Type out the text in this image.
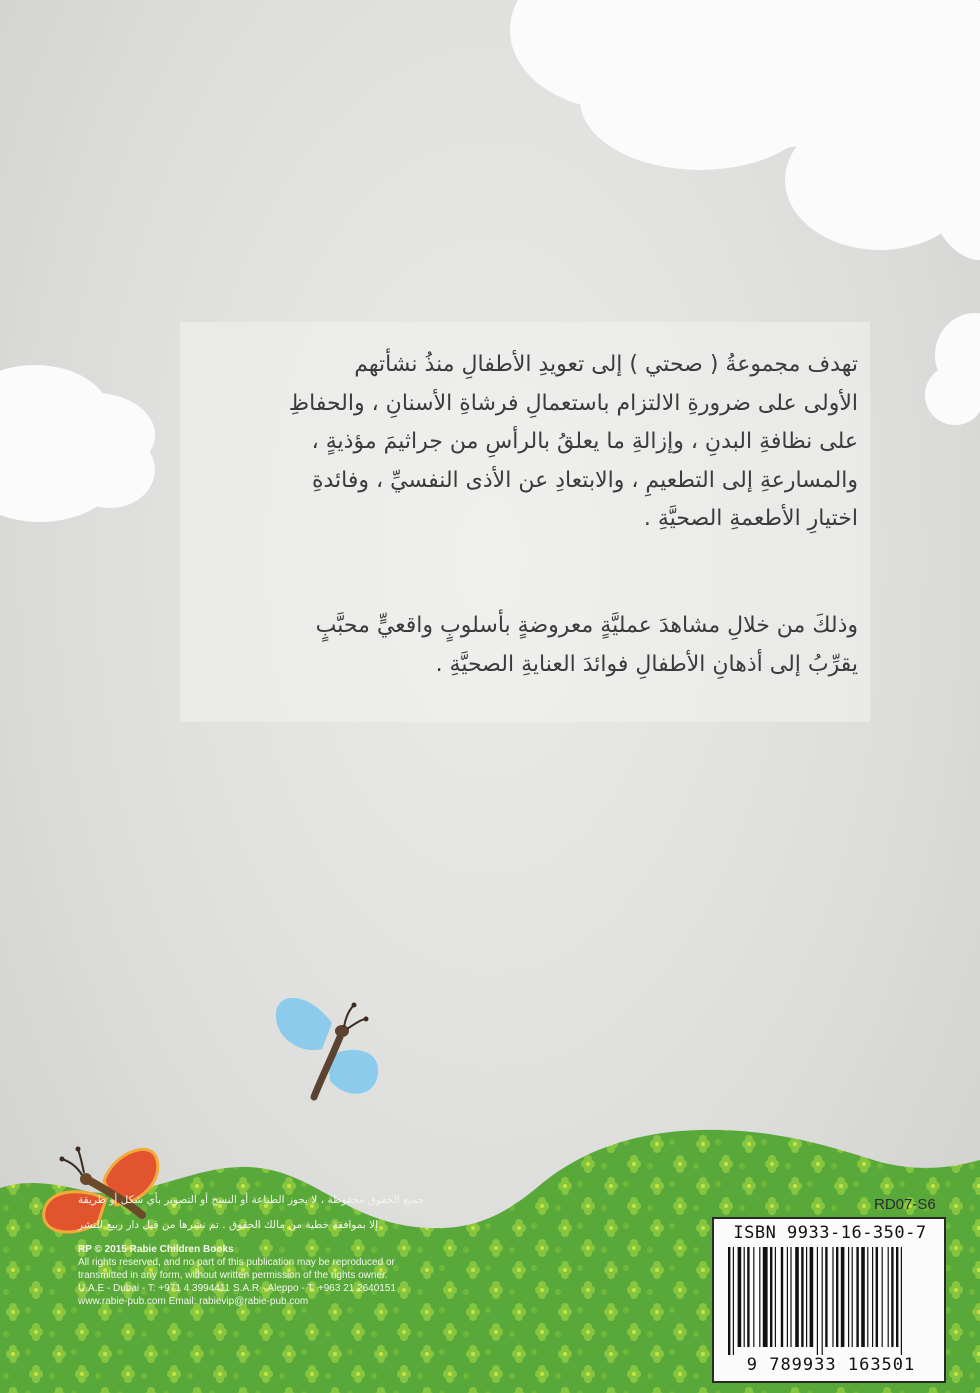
تهدف مجموعةُ ( صحتي ) إلى تعويدِ الأطفالِ منذُ نشأتهم
الأولى على ضرورةِ الالتزام باستعمالِ فرشاةِ الأسنانِ ، والحفاظِ
على نظافةِ البدنِ ، وإزالةِ ما يعلقُ بالرأسِ من جراثيمَ مؤذيةٍ ،
والمسارعةِ إلى التطعيمِ ، والابتعادِ عن الأذى النفسيِّ ، وفائدةِ
اختيارِ الأطعمةِ الصحيَّةِ .
وذلكَ من خلالِ مشاهدَ عمليَّةٍ معروضةٍ بأسلوبٍ واقعيٍّ محبَّبٍ
يقرِّبُ إلى أذهانِ الأطفالِ فوائدَ العنايةِ الصحيَّةِ .
جميع الحقوق محفوظة ، لا يجوز الطباعة أو النسخ أو التصوير بأي شكل أو طريقة
إلا بموافقة خطية من مالك الحقوق . تم نشرها من قبل دار ربيع للنشر
RP © 2015 Rabie Children Books
All rights reserved, and no part of this publication may be reproduced or
transmitted in any form, without written permission of the rights owner.
U.A.E - Dubai - T: +971 4 3994411 S.A.R - Aleppo - T: +963 21 2640151
www.rabie-pub.com Email: rabievip@rabie-pub.com
RD07-S6
ISBN 9933-16-350-7
9 789933 163501
